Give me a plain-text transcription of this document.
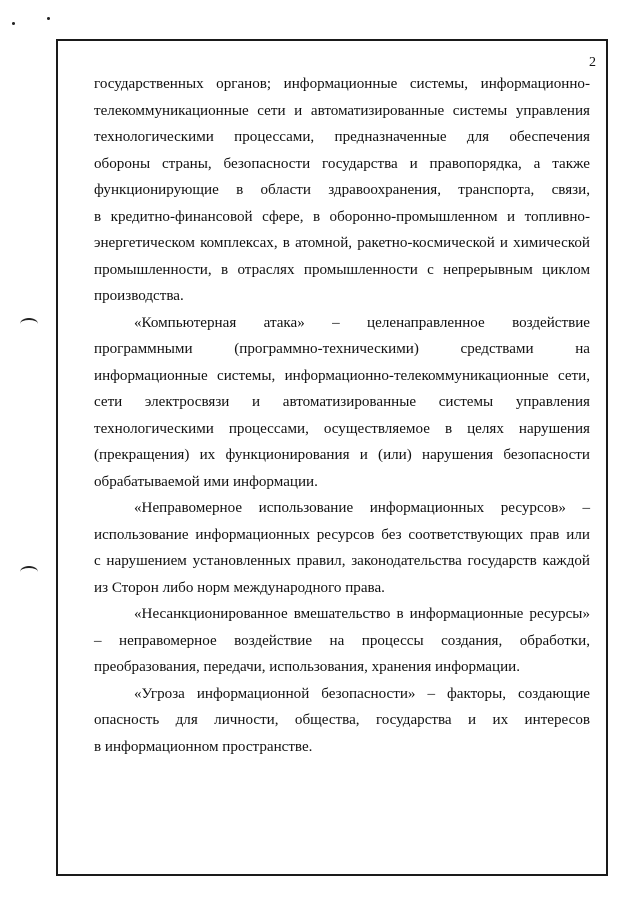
2
государственных органов; информационные системы, информационно-
телекоммуникационные сети и автоматизированные системы управления
технологическими процессами, предназначенные для обеспечения
обороны страны, безопасности государства и правопорядка, а также
функционирующие в области здравоохранения, транспорта, связи,
в кредитно-финансовой сфере, в оборонно-промышленном и топливно-
энергетическом комплексах, в атомной, ракетно-космической и химической
промышленности, в отраслях промышленности с непрерывным циклом
производства.
«Компьютерная атака» – целенаправленное воздействие
программными (программно-техническими) средствами на
информационные системы, информационно-телекоммуникационные сети,
сети электросвязи и автоматизированные системы управления
технологическими процессами, осуществляемое в целях нарушения
(прекращения) их функционирования и (или) нарушения безопасности
обрабатываемой ими информации.
«Неправомерное использование информационных ресурсов» –
использование информационных ресурсов без соответствующих прав или
с нарушением установленных правил, законодательства государств каждой
из Сторон либо норм международного права.
«Несанкционированное вмешательство в информационные ресурсы»
– неправомерное воздействие на процессы создания, обработки,
преобразования, передачи, использования, хранения информации.
«Угроза информационной безопасности» – факторы, создающие
опасность для личности, общества, государства и их интересов
в информационном пространстве.
